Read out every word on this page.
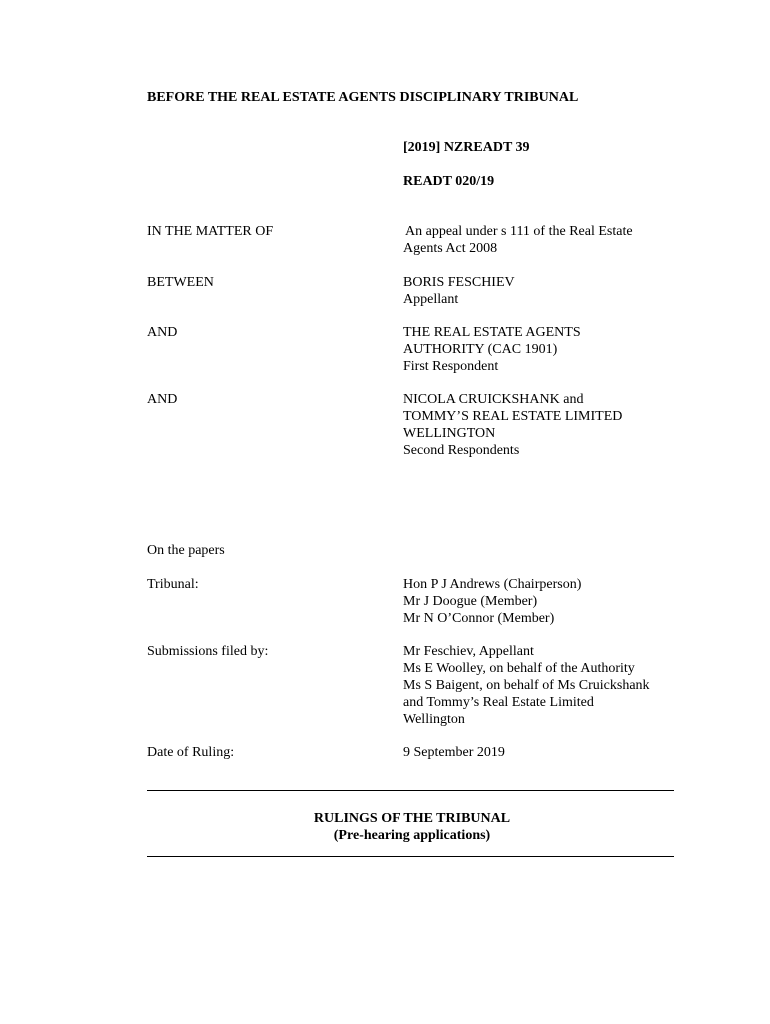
BEFORE THE REAL ESTATE AGENTS DISCIPLINARY TRIBUNAL
[2019] NZREADT 39
READT 020/19
IN THE MATTER OF	An appeal under s 111 of the Real Estate
Agents Act 2008
BETWEEN	BORIS FESCHIEV
Appellant
AND	THE REAL ESTATE AGENTS
AUTHORITY (CAC 1901)
First Respondent
AND	NICOLA CRUICKSHANK and
TOMMY’S REAL ESTATE LIMITED
WELLINGTON
Second Respondents
On the papers
Tribunal:	Hon P J Andrews (Chairperson)
Mr J Doogue (Member)
Mr N O’Connor (Member)
Submissions filed by:	Mr Feschiev, Appellant
Ms E Woolley, on behalf of the Authority
Ms S Baigent, on behalf of Ms Cruickshank
and Tommy’s Real Estate Limited
Wellington
Date of Ruling:	9 September 2019
RULINGS OF THE TRIBUNAL
(Pre-hearing applications)
